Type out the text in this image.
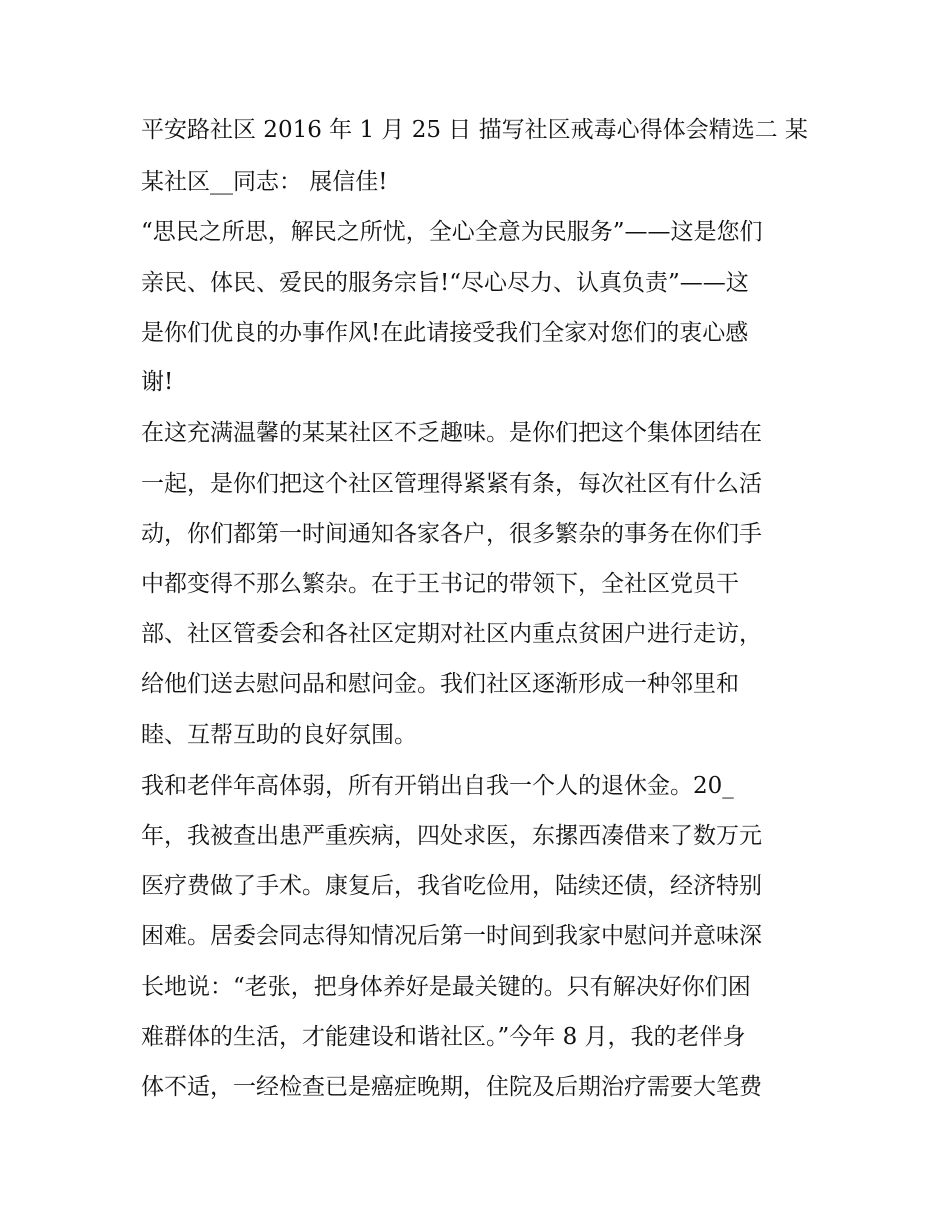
平安路社区 2016 年 1 月 25 日 描写社区戒毒心得体会精选二 某
某社区__同志： 展信佳!
“思民之所思，解民之所忧，全心全意为民服务”——这是您们
亲民、体民、爱民的服务宗旨!“尽心尽力、认真负责”——这
是你们优良的办事作风!在此请接受我们全家对您们的衷心感
谢!
在这充满温馨的某某社区不乏趣味。是你们把这个集体团结在
一起，是你们把这个社区管理得紧紧有条，每次社区有什么活
动，你们都第一时间通知各家各户，很多繁杂的事务在你们手
中都变得不那么繁杂。在于王书记的带领下，全社区党员干
部、社区管委会和各社区定期对社区内重点贫困户进行走访，
给他们送去慰问品和慰问金。我们社区逐渐形成一种邻里和
睦、互帮互助的良好氛围。
我和老伴年高体弱，所有开销出自我一个人的退休金。20_
年，我被查出患严重疾病，四处求医，东摞西凑借来了数万元
医疗费做了手术。康复后，我省吃俭用，陆续还债，经济特别
困难。居委会同志得知情况后第一时间到我家中慰问并意味深
长地说：“老张，把身体养好是最关键的。只有解决好你们困
难群体的生活，才能建设和谐社区。”今年 8 月，我的老伴身
体不适，一经检查已是癌症晚期，住院及后期治疗需要大笔费
